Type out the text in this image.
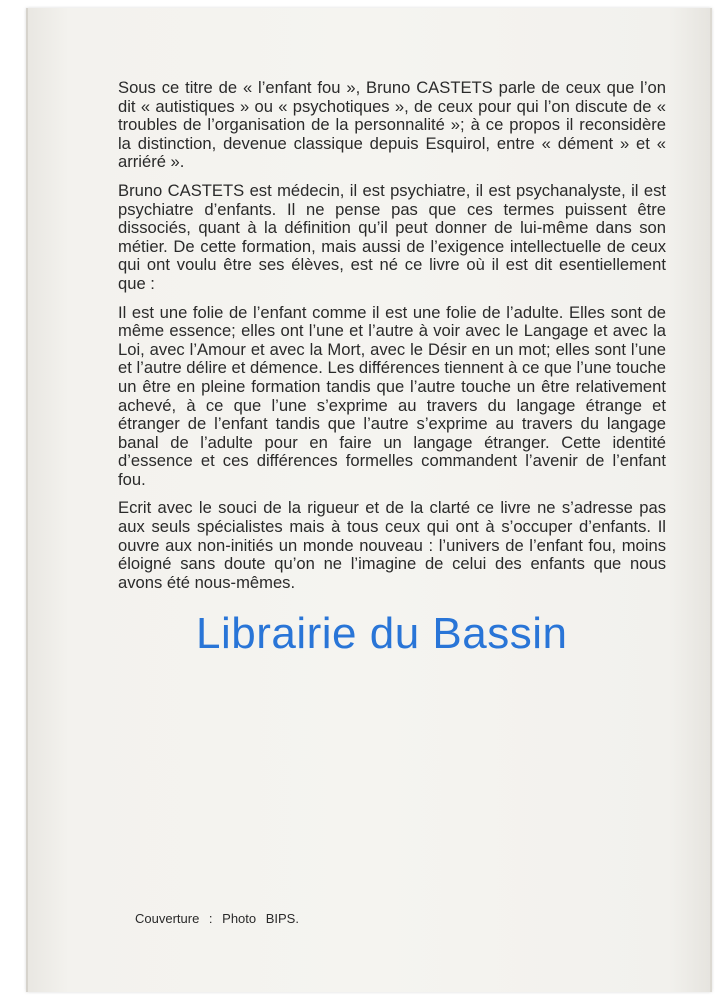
Sous ce titre de « l’enfant fou », Bruno CASTETS parle de ceux que l’on dit « autistiques » ou « psychotiques », de ceux pour qui l’on discute de « troubles de l’organisation de la personnalité »; à ce propos il reconsidère la distinction, devenue classique depuis Esquirol, entre « dément » et « arriéré ».

Bruno CASTETS est médecin, il est psychiatre, il est psychanalyste, il est psychiatre d’enfants. Il ne pense pas que ces termes puissent être dissociés, quant à la définition qu’il peut donner de lui-même dans son métier. De cette formation, mais aussi de l’exigence intellectuelle de ceux qui ont voulu être ses élèves, est né ce livre où il est dit esentiellement que :

Il est une folie de l’enfant comme il est une folie de l’adulte. Elles sont de même essence; elles ont l’une et l’autre à voir avec le Langage et avec la Loi, avec l’Amour et avec la Mort, avec le Désir en un mot; elles sont l’une et l’autre délire et démence. Les différences tiennent à ce que l’une touche un être en pleine formation tandis que l’autre touche un être relativement achevé, à ce que l’une s’exprime au travers du langage étrange et étranger de l’enfant tandis que l’autre s’exprime au travers du langage banal de l’adulte pour en faire un langage étranger. Cette identité d’essence et ces différences formelles commandent l’avenir de l’enfant fou.

Ecrit avec le souci de la rigueur et de la clarté ce livre ne s’adresse pas aux seuls spécialistes mais à tous ceux qui ont à s’occuper d’enfants. Il ouvre aux non-initiés un monde nouveau : l’univers de l’enfant fou, moins éloigné sans doute qu’on ne l’imagine de celui des enfants que nous avons été nous-mêmes.

Couverture : Photo BIPS.
Librairie du Bassin
